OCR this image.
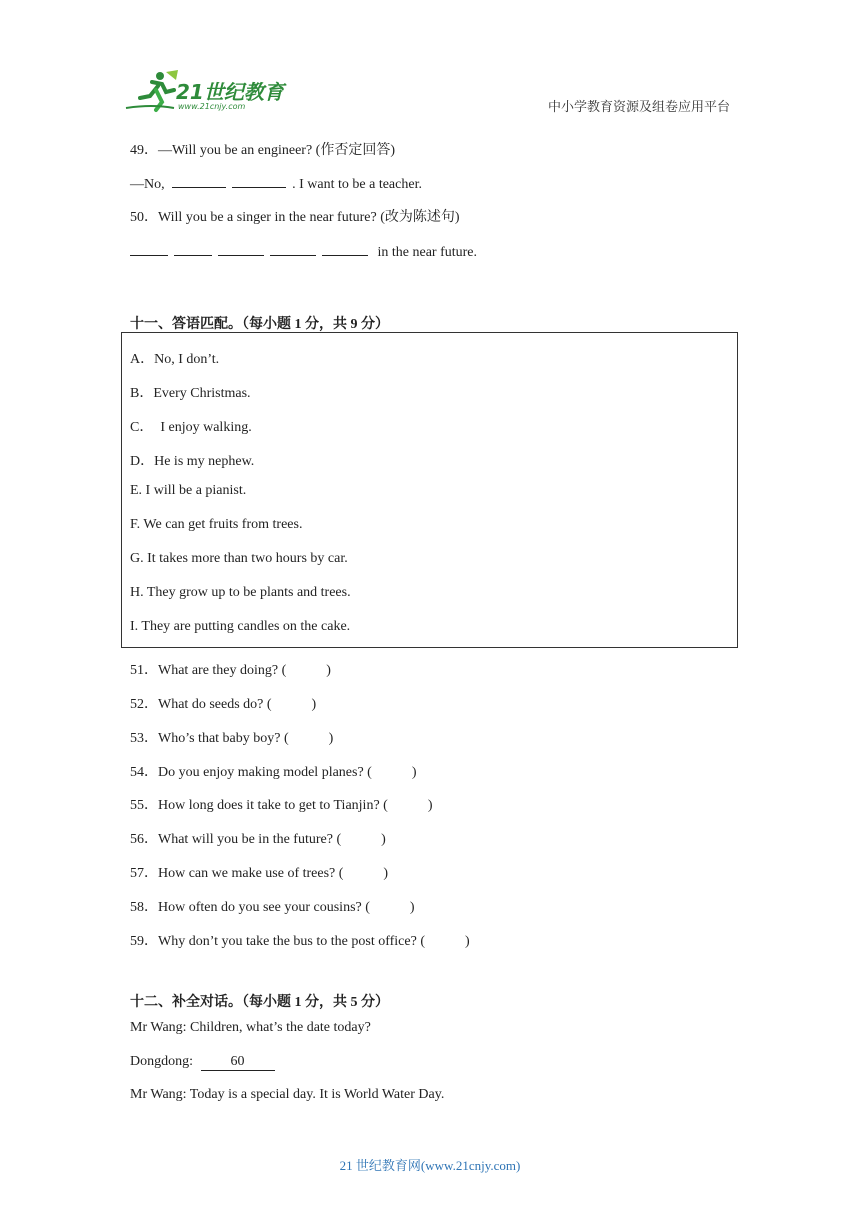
21世纪教育
www.21cnjy.com	中小学教育资源及组卷应用平台
49．—Will you be an engineer? (作否定回答)
—No,	. I want to be a teacher.
50．Will you be a singer in the near future? (改为陈述句)
in the near future.
十一、答语匹配。（每小题 1 分，共 9 分）
A．No, I don’t.
B．Every Christmas.
C．  I enjoy walking.
D．He is my nephew.
E. I will be a pianist.
F. We can get fruits from trees.
G. It takes more than two hours by car.
H. They grow up to be plants and trees.
I. They are putting candles on the cake.
51．What are they doing? (	)
52．What do seeds do? (	)
53．Who’s that baby boy? (	)
54．Do you enjoy making model planes? (	)
55．How long does it take to get to Tianjin? (	)
56．What will you be in the future? (	)
57．How can we make use of trees? (	)
58．How often do you see your cousins? (	)
59．Why don’t you take the bus to the post office? (	)
十二、补全对话。（每小题 1 分，共 5 分）
Mr Wang: Children, what’s the date today?
Dongdong:	60
Mr Wang: Today is a special day. It is World Water Day.
21 世纪教育网(www.21cnjy.com)
